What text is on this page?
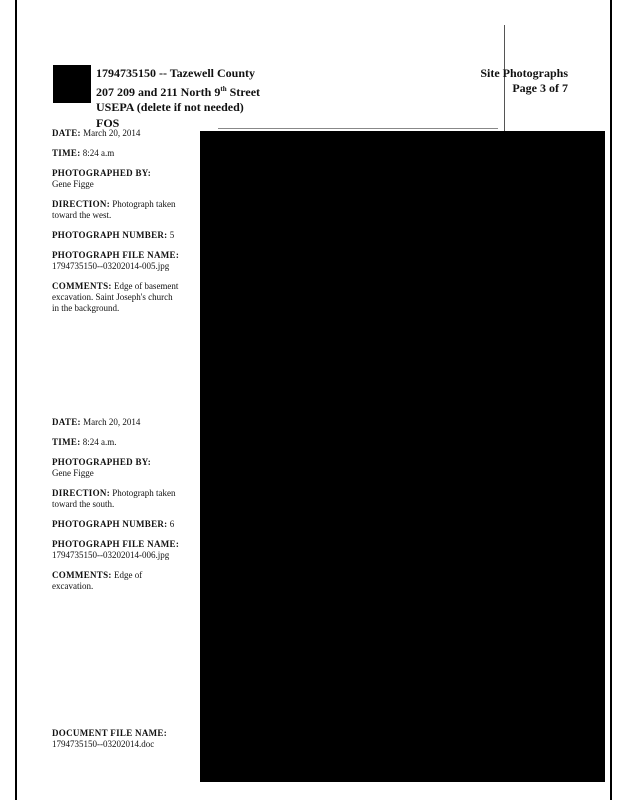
1794735150 -- Tazewell County
207 209 and 211 North 9th Street
USEPA (delete if not needed)
FOS
Site Photographs
Page 3 of 7
DATE: March 20, 2014
TIME: 8:24 a.m
PHOTOGRAPHED BY:
Gene Figge
DIRECTION: Photograph taken
toward the west.
PHOTOGRAPH NUMBER: 5
PHOTOGRAPH FILE NAME:
1794735150--03202014-005.jpg
COMMENTS: Edge of basement
excavation. Saint Joseph's church
in the background.
DATE: March 20, 2014
TIME: 8:24 a.m.
PHOTOGRAPHED BY:
Gene Figge
DIRECTION: Photograph taken
toward the south.
PHOTOGRAPH NUMBER: 6
PHOTOGRAPH FILE NAME:
1794735150--03202014-006.jpg
COMMENTS: Edge of
excavation.
DOCUMENT FILE NAME:
1794735150--03202014.doc
